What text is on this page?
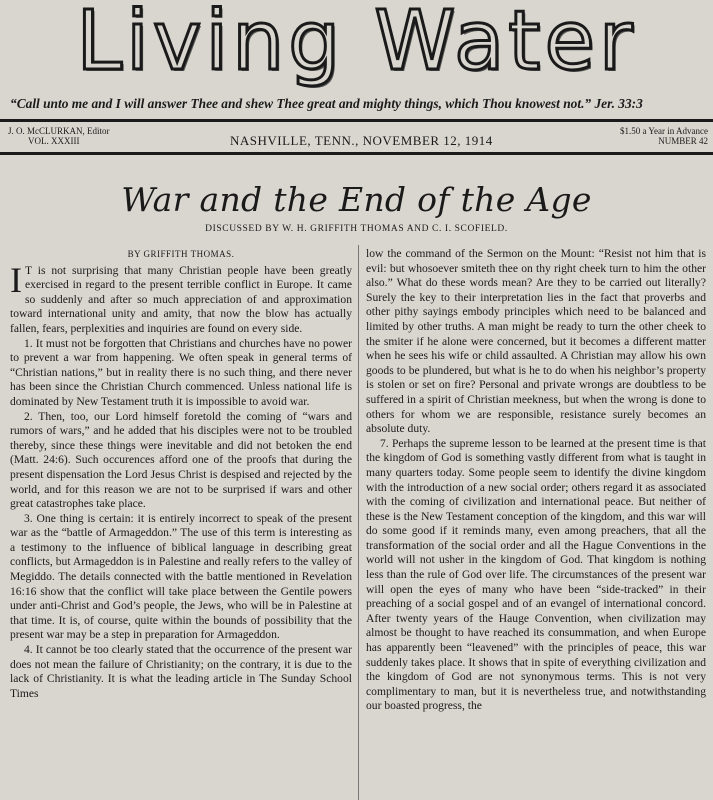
Living Water
“Call unto me and I will answer Thee and shew Thee great and mighty things, which Thou knowest not.” Jer. 33:3
J. O. McCLURKAN, Editor
VOL. XXXIII	NASHVILLE, TENN., NOVEMBER 12, 1914
$1.50 a Year in Advance
NUMBER 42
War and the End of the Age
DISCUSSED BY W. H. GRIFFITH THOMAS AND C. I. SCOFIELD.
BY GRIFFITH THOMAS.

I T is not surprising that many Christian people have been greatly exercised in regard to the present terrible conflict in Europe. It came so suddenly and after so much appreciation of and approximation toward international unity and amity, that now the blow has actually fallen, fears, perplexities and inquiries are found on every side.

1. It must not be forgotten that Christians and churches have no power to prevent a war from happening. We often speak in general terms of “Christian nations,” but in reality there is no such thing, and there never has been since the Christian Church commenced. Unless national life is dominated by New Testament truth it is impossible to avoid war.

2. Then, too, our Lord himself foretold the coming of “wars and rumors of wars,” and he added that his disciples were not to be troubled thereby, since these things were inevitable and did not betoken the end (Matt. 24:6). Such occurences afford one of the proofs that during the present dispensation the Lord Jesus Christ is despised and rejected by the world, and for this reason we are not to be surprised if wars and other great catastrophes take place.

3. One thing is certain: it is entirely incorrect to speak of the present war as the “battle of Armageddon.” The use of this term is interesting as a testimony to the influence of biblical language in describing great conflicts, but Armageddon is in Palestine and really refers to the valley of Megiddo. The details connected with the battle mentioned in Revelation 16:16 show that the conflict will take place between the Gentile powers under anti-Christ and God’s people, the Jews, who will be in Palestine at that time. It is, of course, quite within the bounds of possibility that the present war may be a step in preparation for Armageddon.

4. It cannot be too clearly stated that the occurrence of the present war does not mean the failure of Christianity; on the contrary, it is due to the lack of Christianity. It is what the leading article in The Sunday School Times

low the command of the Sermon on the Mount: “Resist not him that is evil: but whosoever smiteth thee on thy right cheek turn to him the other also.” What do these words mean? Are they to be carried out literally? Surely the key to their interpretation lies in the fact that proverbs and other pithy sayings embody principles which need to be balanced and limited by other truths. A man might be ready to turn the other cheek to the smiter if he alone were concerned, but it becomes a different matter when he sees his wife or child assaulted. A Christian may allow his own goods to be plundered, but what is he to do when his neighbor’s property is stolen or set on fire? Personal and private wrongs are doubtless to be suffered in a spirit of Christian meekness, but when the wrong is done to others for whom we are responsible, resistance surely becomes an absolute duty.

7. Perhaps the supreme lesson to be learned at the present time is that the kingdom of God is something vastly different from what is taught in many quarters today. Some people seem to identify the divine kingdom with the introduction of a new social order; others regard it as associated with the coming of civilization and international peace. But neither of these is the New Testament conception of the kingdom, and this war will do some good if it reminds many, even among preachers, that all the transformation of the social order and all the Hague Conventions in the world will not usher in the kingdom of God. That kingdom is nothing less than the rule of God over life. The circumstances of the present war will open the eyes of many who have been “side-tracked” in their preaching of a social gospel and of an evangel of international concord. After twenty years of the Hauge Convention, when civilization may almost be thought to have reached its consummation, and when Europe has apparently been “leavened” with the principles of peace, this war suddenly takes place. It shows that in spite of everything civilization and the kingdom of God are not synonymous terms. This is not very complimentary to man, but it is nevertheless true, and notwithstanding our boasted progress, the
